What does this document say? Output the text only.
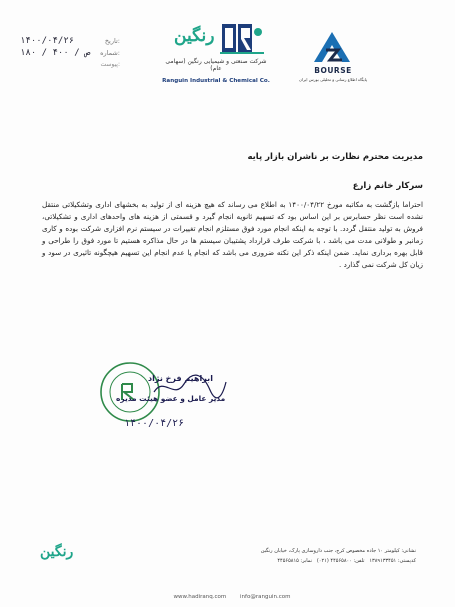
۱۴۰۰/۰۴/۲۶	تاریخ:
۱۸۰ / ص / ۴۰۰ شماره:
پیوست:
رنگین
شرکت صنعتی و شیمیایی رنگین (سهامی عام)
Ranguin Industrial & Chemical Co.
BOURSE
پایگاه اطلاع رسانی و تحلیلی بورس ایران
مدیریت محترم نظارت بر ناشران بازار پایه
سرکار خانم زارع
احتراما بازگشت به مکاتبه مورخ ۱۴۰۰/۰۴/۲۲ به اطلاع می رساند که هیچ هزینه ای از تولید به بخشهای اداری وتشکیلاتی منتقل نشده است نظر حسابرس بر این اساس بود که تسهیم ثانویه انجام گیرد و قسمتی از هزینه های واحدهای اداری و تشکیلاتی، فروش به تولید منتقل گردد. با توجه به اینکه انجام مورد فوق مستلزم انجام تغییرات در سیستم نرم افزاری شرکت بوده و کاری زمانبر و طولانی مدت می باشد ، با شرکت طرف قرارداد پشتیبان سیستم ها در حال مذاکره هستیم تا مورد فوق را طراحی و قابل بهره برداری نماید. ضمن اینکه ذکر این نکته ضروری می باشد که انجام یا عدم انجام این تسهیم هیچگونه تاثیری در سود و زیان کل شرکت نمی گذارد .
ابراهیم فرخ نژاد
مدیر عامل و عضو هیئت مدیره
۱۴۰۰/۰۴/۲۶
رنگین	نشانی: کیلومتر ۱۰ جاده مخصوص کرج، جنب داروسازی پارک، خیابان رنگین
کدپستی: ۱۳۸۹۱۳۳۴۵۱   تلفن: ۴۴۵۶۵۸۰۰ (۰۲۱)   نمابر: ۴۴۵۶۵۸۱۵
www.hadiranq.com	info@ranguin.com
